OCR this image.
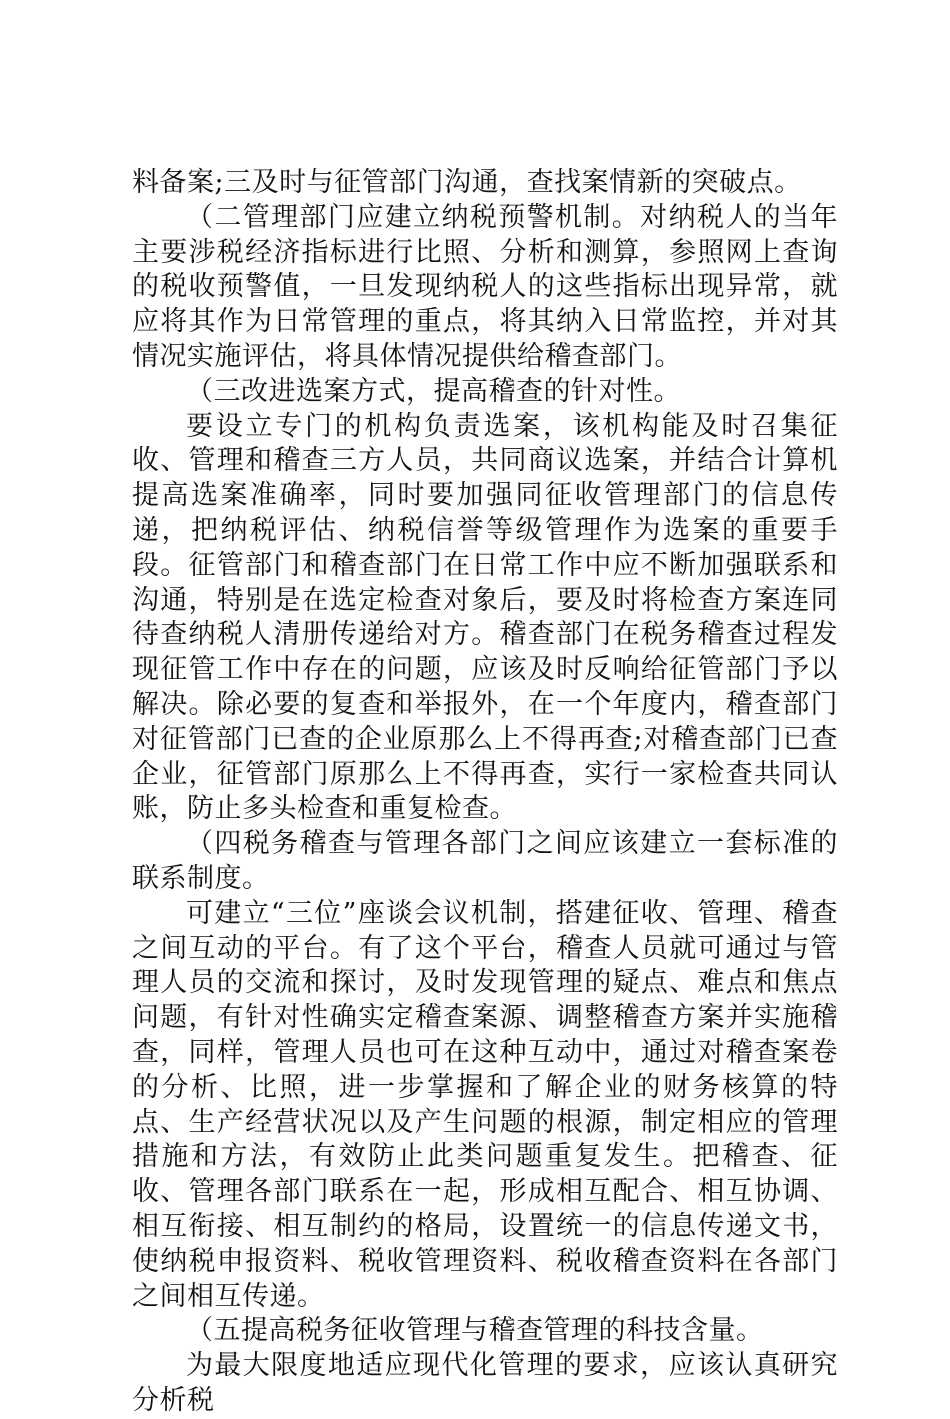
料备案;三及时与征管部门沟通，查找案情新的突破点。

（二管理部门应建立纳税预警机制。对纳税人的当年主要涉税经济指标进行比照、分析和测算，参照网上查询的税收预警值，一旦发现纳税人的这些指标出现异常，就应将其作为日常管理的重点，将其纳入日常监控，并对其情况实施评估，将具体情况提供给稽查部门。

（三改进选案方式，提高稽查的针对性。

要设立专门的机构负责选案，该机构能及时召集征收、管理和稽查三方人员，共同商议选案，并结合计算机提高选案准确率，同时要加强同征收管理部门的信息传递，把纳税评估、纳税信誉等级管理作为选案的重要手段。征管部门和稽查部门在日常工作中应不断加强联系和沟通，特别是在选定检查对象后，要及时将检查方案连同待查纳税人清册传递给对方。稽查部门在税务稽查过程发现征管工作中存在的问题，应该及时反响给征管部门予以解决。除必要的复查和举报外，在一个年度内，稽查部门对征管部门已查的企业原那么上不得再查;对稽查部门已查企业，征管部门原那么上不得再查，实行一家检查共同认账，防止多头检查和重复检查。

（四税务稽查与管理各部门之间应该建立一套标准的联系制度。

可建立“三位”座谈会议机制，搭建征收、管理、稽查之间互动的平台。有了这个平台，稽查人员就可通过与管理人员的交流和探讨，及时发现管理的疑点、难点和焦点问题，有针对性确实定稽查案源、调整稽查方案并实施稽查，同样，管理人员也可在这种互动中，通过对稽查案卷的分析、比照，进一步掌握和了解企业的财务核算的特点、生产经营状况以及产生问题的根源，制定相应的管理措施和方法，有效防止此类问题重复发生。把稽查、征收、管理各部门联系在一起，形成相互配合、相互协调、相互衔接、相互制约的格局，设置统一的信息传递文书，使纳税申报资料、税收管理资料、税收稽查资料在各部门之间相互传递。

（五提高税务征收管理与稽查管理的科技含量。

为最大限度地适应现代化管理的要求，应该认真研究分析税
